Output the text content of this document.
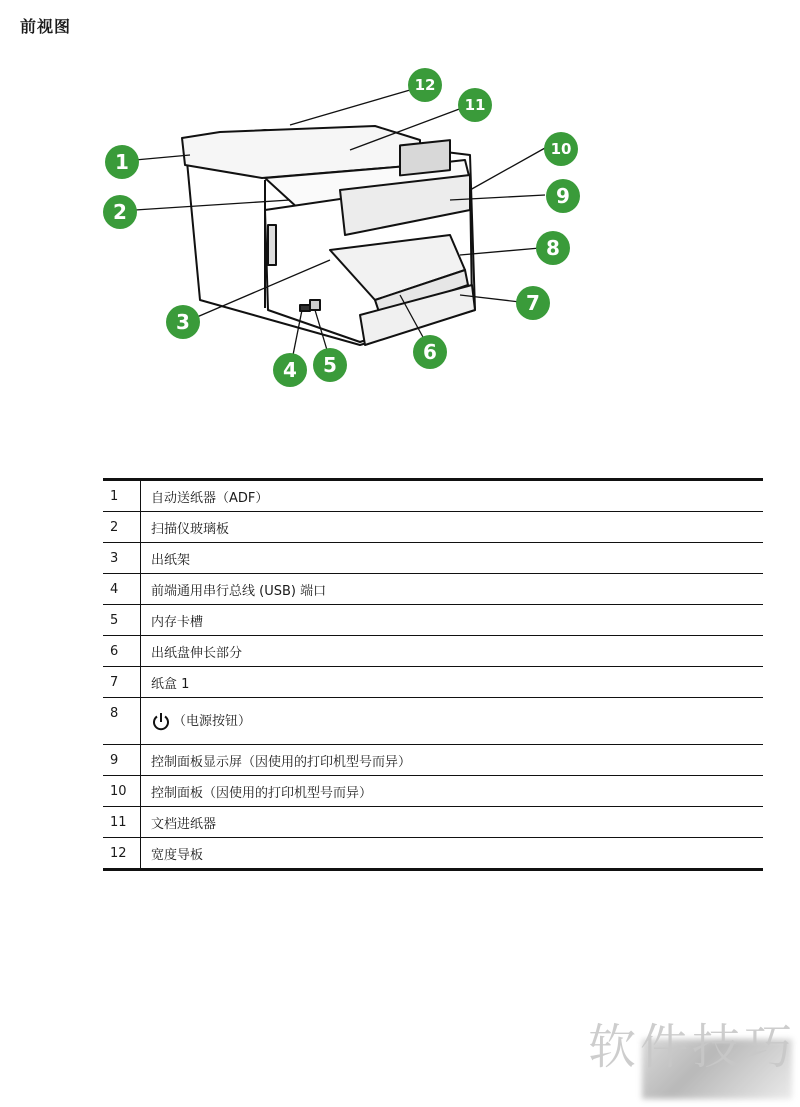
前视图
1
2
3
4 5
6
7
8
9
10
11
12
1	自动送纸器（ADF）
2	扫描仪玻璃板
3	出纸架
4	前端通用串行总线 (USB) 端口
5	内存卡槽
6	出纸盘伸长部分
7	纸盒 1
8	（电源按钮）
9	控制面板显示屏（因使用的打印机型号而异）
10	控制面板（因使用的打印机型号而异）
11	文档进纸器
12	宽度导板
软件技巧
